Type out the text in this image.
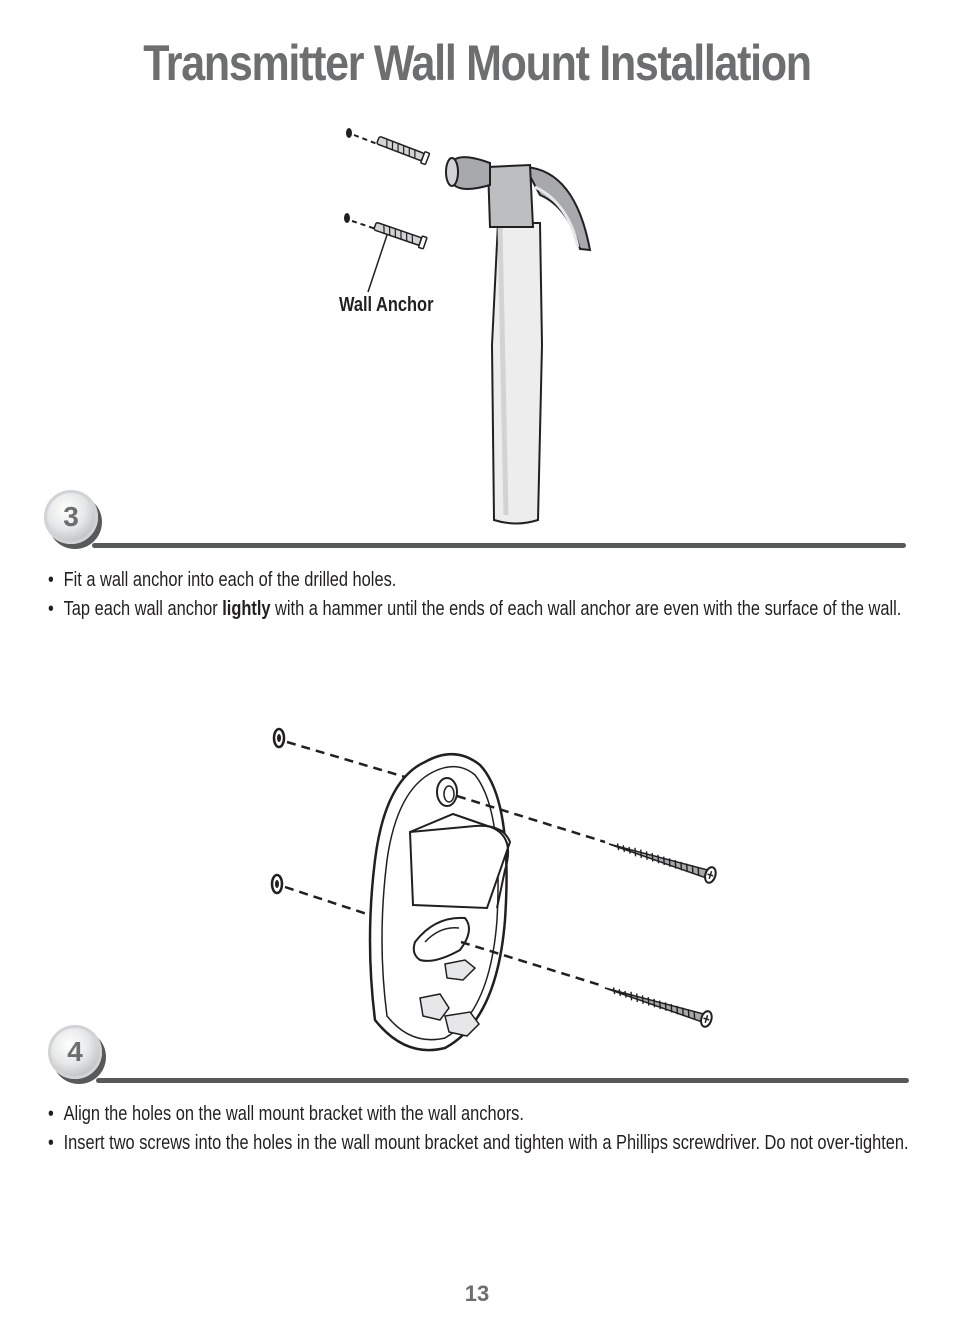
Transmitter Wall Mount Installation
Wall Anchor
3
• Fit a wall anchor into each of the drilled holes.
• Tap each wall anchor lightly with a hammer until the ends of each wall anchor are even with the surface of the wall.
4
• Align the holes on the wall mount bracket with the wall anchors.
• Insert two screws into the holes in the wall mount bracket and tighten with a Phillips screwdriver. Do not over-tighten.
13
